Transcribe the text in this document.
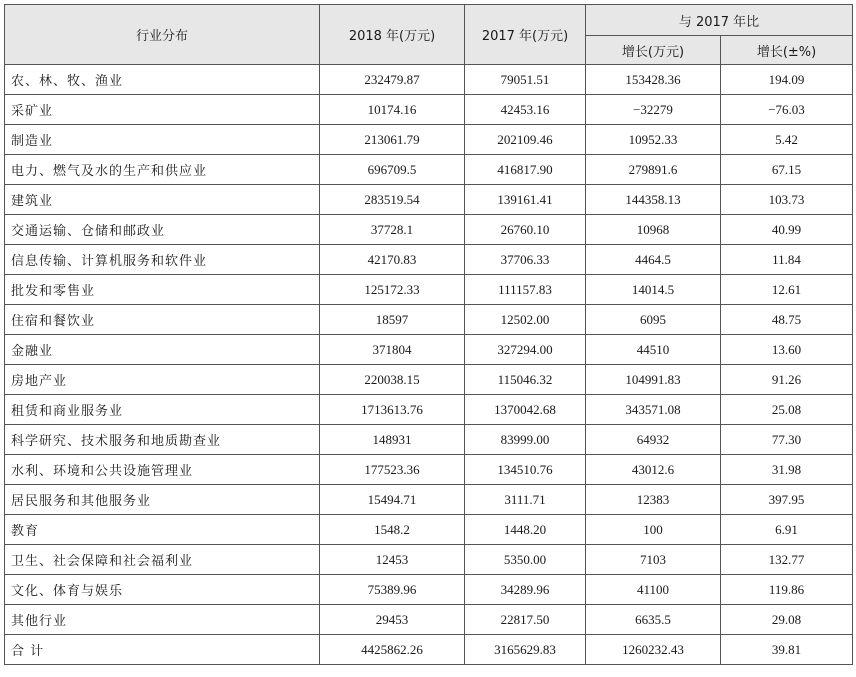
行业分布	2018 年(万元)	2017 年(万元)	与 2017 年比	
			增长(万元)	增长(±%)
农、林、牧、渔业	232479.87	79051.51	153428.36	194.09
采矿业	10174.16	42453.16	−32279	−76.03
制造业	213061.79	202109.46	10952.33	5.42
电力、燃气及水的生产和供应业	696709.5	416817.90	279891.6	67.15
建筑业	283519.54	139161.41	144358.13	103.73
交通运输、仓储和邮政业	37728.1	26760.10	10968	40.99
信息传输、计算机服务和软件业	42170.83	37706.33	4464.5	11.84
批发和零售业	125172.33	111157.83	14014.5	12.61
住宿和餐饮业	18597	12502.00	6095	48.75
金融业	371804	327294.00	44510	13.60
房地产业	220038.15	115046.32	104991.83	91.26
租赁和商业服务业	1713613.76	1370042.68	343571.08	25.08
科学研究、技术服务和地质勘查业	148931	83999.00	64932	77.30
水利、环境和公共设施管理业	177523.36	134510.76	43012.6	31.98
居民服务和其他服务业	15494.71	3111.71	12383	397.95
教育	1548.2	1448.20	100	6.91
卫生、社会保障和社会福利业	12453	5350.00	7103	132.77
文化、体育与娱乐	75389.96	34289.96	41100	119.86
其他行业	29453	22817.50	6635.5	29.08
合 计	4425862.26	3165629.83	1260232.43	39.81
